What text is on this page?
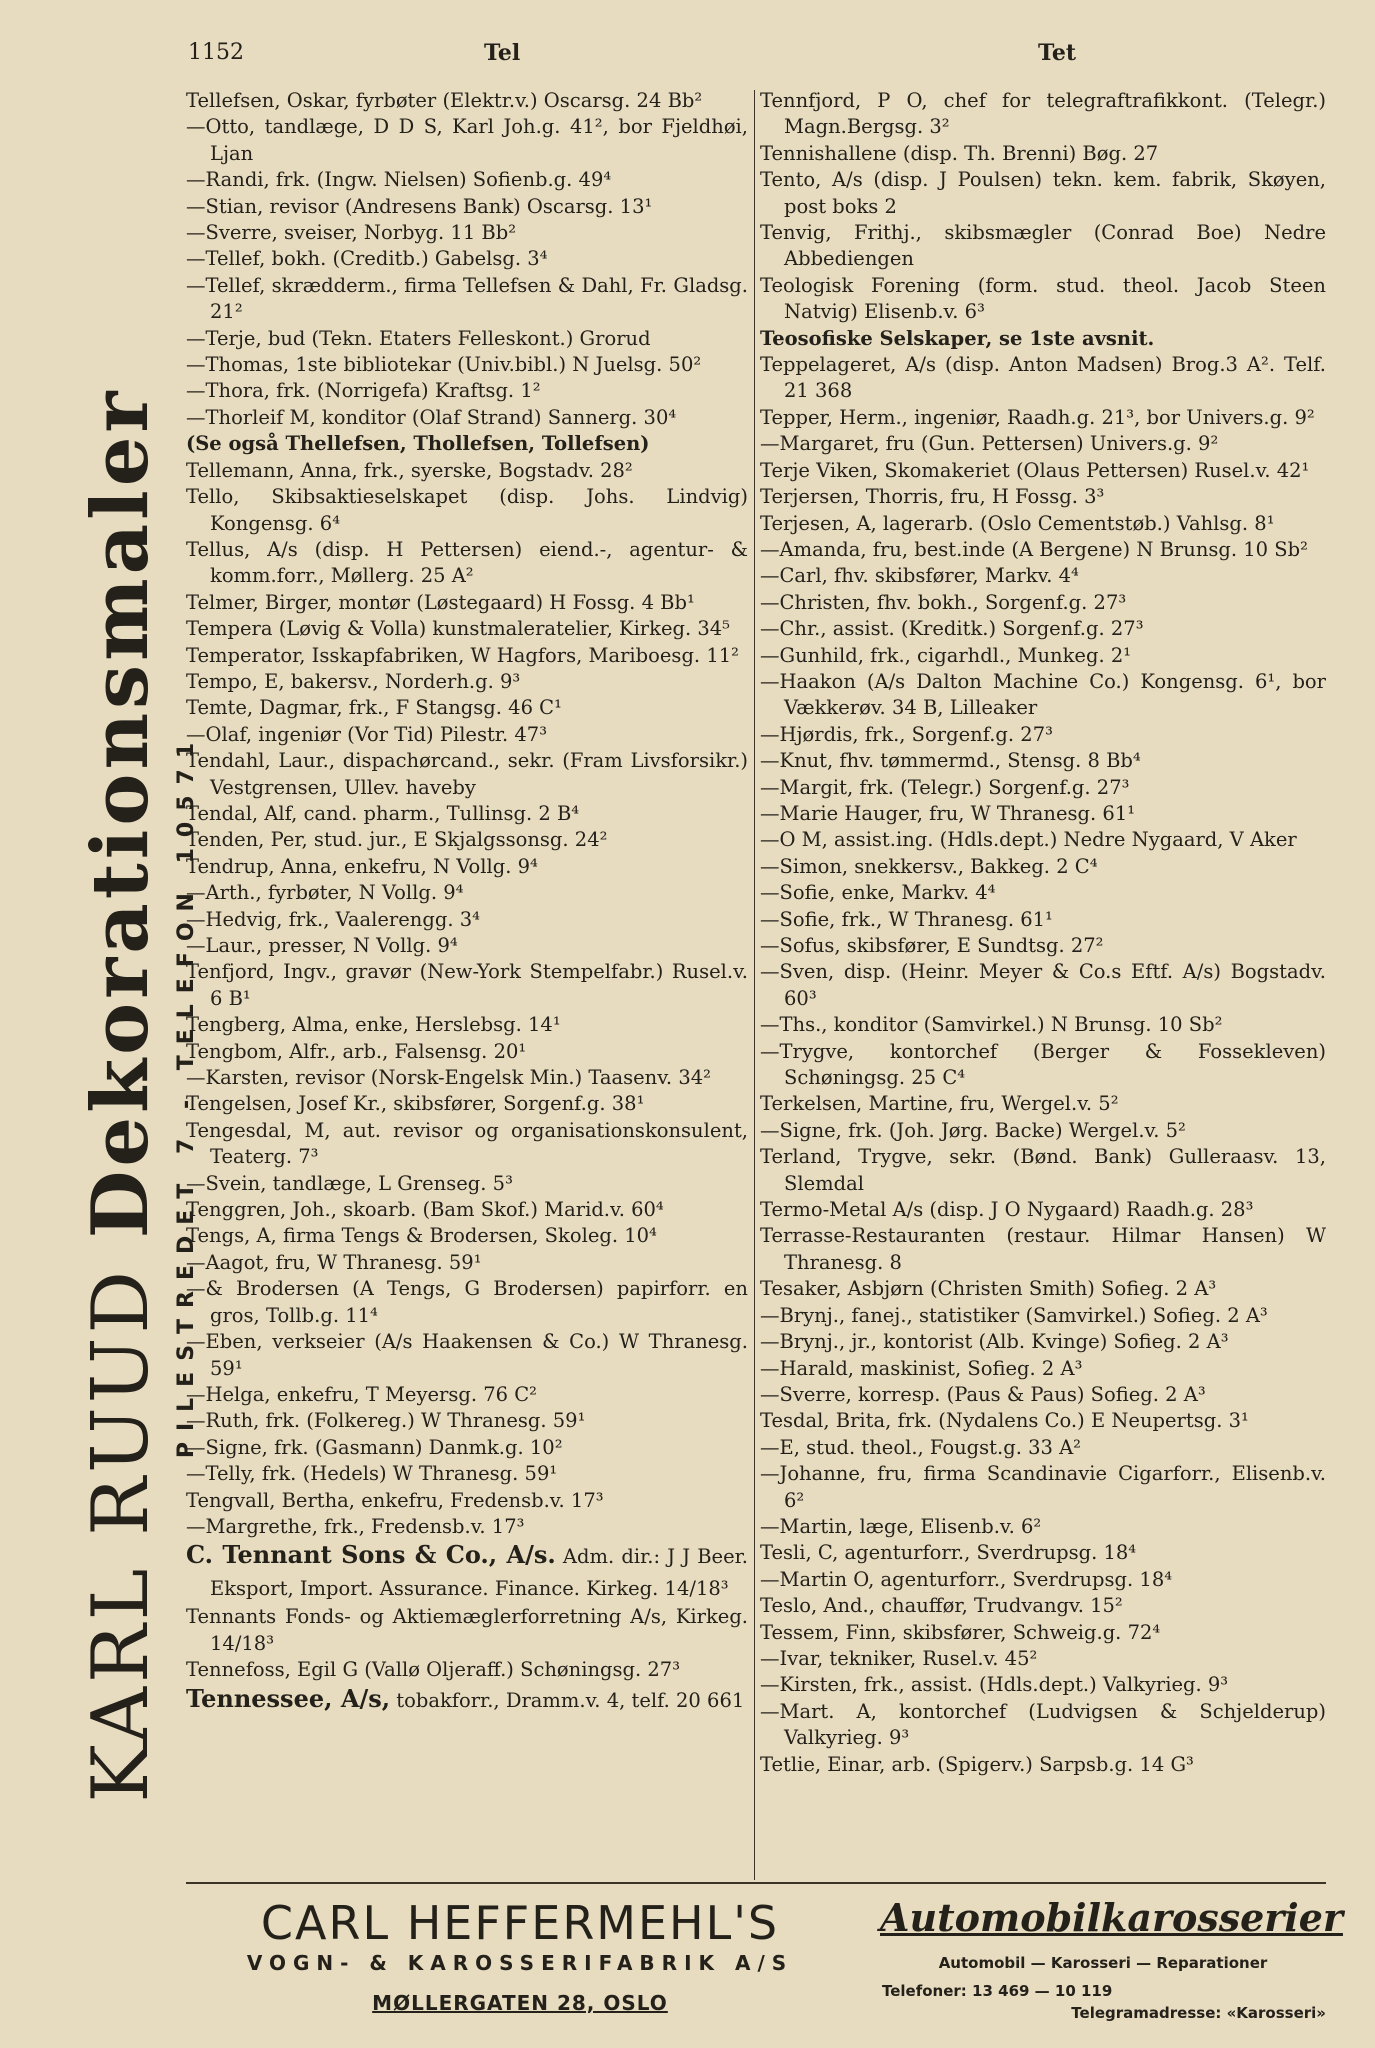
1152	Tel	Tet
KARL RUUD Dekorationsmaler PILESTREDET 7 - TELEFON 10571
Tellefsen, Oskar, fyrbøter (Elektr.v.) Oscarsg. 24 Bb²
—Otto, tandlæge, D D S, Karl Joh.g. 41², bor Fjeldhøi, Ljan
—Randi, frk. (Ingw. Nielsen) Sofienb.g. 49⁴
—Stian, revisor (Andresens Bank) Oscarsg. 13¹
—Sverre, sveiser, Norbyg. 11 Bb²
—Tellef, bokh. (Creditb.) Gabelsg. 3⁴
—Tellef, skrædderm., firma Tellefsen & Dahl, Fr. Gladsg. 21²
—Terje, bud (Tekn. Etaters Felleskont.) Grorud
—Thomas, 1ste bibliotekar (Univ.bibl.) N Juelsg. 50²
—Thora, frk. (Norrigefa) Kraftsg. 1²
—Thorleif M, konditor (Olaf Strand) Sannerg. 30⁴
(Se også Thellefsen, Thollefsen, Tollefsen)
Tellemann, Anna, frk., syerske, Bogstadv. 28²
Tello, Skibsaktieselskapet (disp. Johs. Lindvig) Kongensg. 6⁴
Tellus, A/s (disp. H Pettersen) eiend.-, agentur- & komm.forr., Møllerg. 25 A²
Telmer, Birger, montør (Løstegaard) H Fossg. 4 Bb¹
Tempera (Løvig & Volla) kunstmaleratelier, Kirkeg. 34⁵
Temperator, Isskapfabriken, W Hagfors, Mariboesg. 11²
Tempo, E, bakersv., Norderh.g. 9³
Temte, Dagmar, frk., F Stangsg. 46 C¹
—Olaf, ingeniør (Vor Tid) Pilestr. 47³
Tendahl, Laur., dispachørcand., sekr. (Fram Livsforsikr.) Vestgrensen, Ullev. haveby
Tendal, Alf, cand. pharm., Tullinsg. 2 B⁴
Tenden, Per, stud. jur., E Skjalgssonsg. 24²
Tendrup, Anna, enkefru, N Vollg. 9⁴
—Arth., fyrbøter, N Vollg. 9⁴
—Hedvig, frk., Vaalerengg. 3⁴
—Laur., presser, N Vollg. 9⁴
Tenfjord, Ingv., gravør (New-York Stempelfabr.) Rusel.v. 6 B¹
Tengberg, Alma, enke, Herslebsg. 14¹
Tengbom, Alfr., arb., Falsensg. 20¹
—Karsten, revisor (Norsk-Engelsk Min.) Taasenv. 34²
Tengelsen, Josef Kr., skibsfører, Sorgenf.g. 38¹
Tengesdal, M, aut. revisor og organisationskonsulent, Teaterg. 7³
—Svein, tandlæge, L Grenseg. 5³
Tenggren, Joh., skoarb. (Bam Skof.) Marid.v. 60⁴
Tengs, A, firma Tengs & Brodersen, Skoleg. 10⁴
—Aagot, fru, W Thranesg. 59¹
—& Brodersen (A Tengs, G Brodersen) papirforr. en gros, Tollb.g. 11⁴
—Eben, verkseier (A/s Haakensen & Co.) W Thranesg. 59¹
—Helga, enkefru, T Meyersg. 76 C²
—Ruth, frk. (Folkereg.) W Thranesg. 59¹
—Signe, frk. (Gasmann) Danmk.g. 10²
—Telly, frk. (Hedels) W Thranesg. 59¹
Tengvall, Bertha, enkefru, Fredensb.v. 17³
—Margrethe, frk., Fredensb.v. 17³
C. Tennant Sons & Co., A/s. Adm. dir.: J J Beer. Eksport, Import. Assurance. Finance. Kirkeg. 14/18³
Tennants Fonds- og Aktiemæglerforretning A/s, Kirkeg. 14/18³
Tennefoss, Egil G (Vallø Oljeraff.) Schøningsg. 27³
Tennessee, A/s, tobakforr., Dramm.v. 4, telf. 20 661
Tennfjord, P O, chef for telegraftrafikkont. (Telegr.) Magn.Bergsg. 3²
Tennishallene (disp. Th. Brenni) Bøg. 27
Tento, A/s (disp. J Poulsen) tekn. kem. fabrik, Skøyen, post boks 2
Tenvig, Frithj., skibsmægler (Conrad Boe) Nedre Abbediengen
Teologisk Forening (form. stud. theol. Jacob Steen Natvig) Elisenb.v. 6³
Teosofiske Selskaper, se 1ste avsnit.
Teppelageret, A/s (disp. Anton Madsen) Brog.3 A². Telf. 21 368
Tepper, Herm., ingeniør, Raadh.g. 21³, bor Univers.g. 9²
—Margaret, fru (Gun. Pettersen) Univers.g. 9²
Terje Viken, Skomakeriet (Olaus Pettersen) Rusel.v. 42¹
Terjersen, Thorris, fru, H Fossg. 3³
Terjesen, A, lagerarb. (Oslo Cementstøb.) Vahlsg. 8¹
—Amanda, fru, best.inde (A Bergene) N Brunsg. 10 Sb²
—Carl, fhv. skibsfører, Markv. 4⁴
—Christen, fhv. bokh., Sorgenf.g. 27³
—Chr., assist. (Kreditk.) Sorgenf.g. 27³
—Gunhild, frk., cigarhdl., Munkeg. 2¹
—Haakon (A/s Dalton Machine Co.) Kongensg. 6¹, bor Vækkerøv. 34 B, Lilleaker
—Hjørdis, frk., Sorgenf.g. 27³
—Knut, fhv. tømmermd., Stensg. 8 Bb⁴
—Margit, frk. (Telegr.) Sorgenf.g. 27³
—Marie Hauger, fru, W Thranesg. 61¹
—O M, assist.ing. (Hdls.dept.) Nedre Nygaard, V Aker
—Simon, snekkersv., Bakkeg. 2 C⁴
—Sofie, enke, Markv. 4⁴
—Sofie, frk., W Thranesg. 61¹
—Sofus, skibsfører, E Sundtsg. 27²
—Sven, disp. (Heinr. Meyer & Co.s Eftf. A/s) Bogstadv. 60³
—Ths., konditor (Samvirkel.) N Brunsg. 10 Sb²
—Trygve, kontorchef (Berger & Fossekleven) Schøningsg. 25 C⁴
Terkelsen, Martine, fru, Wergel.v. 5²
—Signe, frk. (Joh. Jørg. Backe) Wergel.v. 5²
Terland, Trygve, sekr. (Bønd. Bank) Gulleraasv. 13, Slemdal
Termo-Metal A/s (disp. J O Nygaard) Raadh.g. 28³
Terrasse-Restauranten (restaur. Hilmar Hansen) W Thranesg. 8
Tesaker, Asbjørn (Christen Smith) Sofieg. 2 A³
—Brynj., fanej., statistiker (Samvirkel.) Sofieg. 2 A³
—Brynj., jr., kontorist (Alb. Kvinge) Sofieg. 2 A³
—Harald, maskinist, Sofieg. 2 A³
—Sverre, korresp. (Paus & Paus) Sofieg. 2 A³
Tesdal, Brita, frk. (Nydalens Co.) E Neupertsg. 3¹
—E, stud. theol., Fougst.g. 33 A²
—Johanne, fru, firma Scandinavie Cigarforr., Elisenb.v. 6²
—Martin, læge, Elisenb.v. 6²
Tesli, C, agenturforr., Sverdrupsg. 18⁴
—Martin O, agenturforr., Sverdrupsg. 18⁴
Teslo, And., chauffør, Trudvangv. 15²
Tessem, Finn, skibsfører, Schweig.g. 72⁴
—Ivar, tekniker, Rusel.v. 45²
—Kirsten, frk., assist. (Hdls.dept.) Valkyrieg. 9³
—Mart. A, kontorchef (Ludvigsen & Schjelderup) Valkyrieg. 9³
Tetlie, Einar, arb. (Spigerv.) Sarpsb.g. 14 G³
CARL HEFFERMEHL'S
VOGN- & KAROSSERIFABRIK A/S
MØLLERGATEN 28, OSLO
Automobilkarosserier
Automobil — Karosseri — Reparationer
Telefoner: 13 469 — 10 119
Telegramadresse: «Karosseri»
